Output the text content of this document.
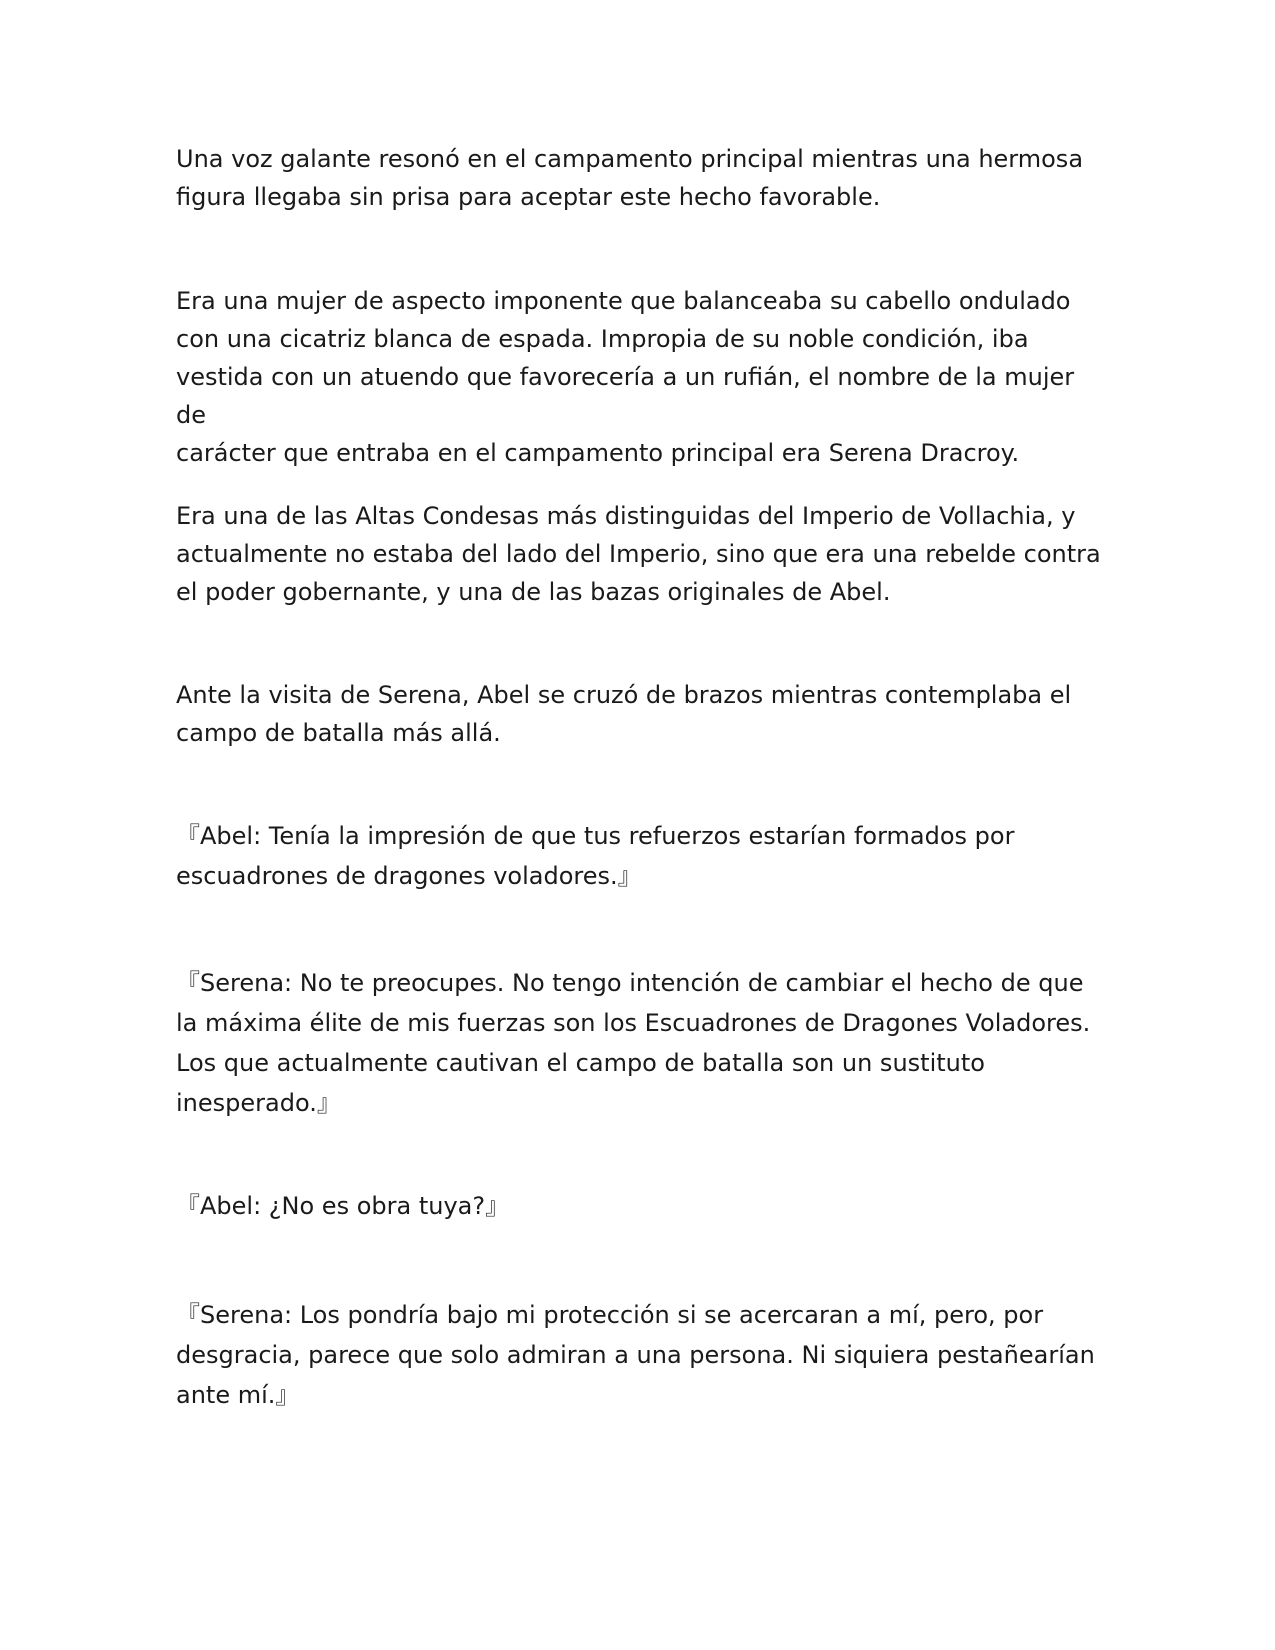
Una voz galante resonó en el campamento principal mientras una hermosa
figura llegaba sin prisa para aceptar este hecho favorable.

Era una mujer de aspecto imponente que balanceaba su cabello ondulado
con una cicatriz blanca de espada. Impropia de su noble condición, iba
vestida con un atuendo que favorecería a un rufián, el nombre de la mujer de
carácter que entraba en el campamento principal era Serena Dracroy.

Era una de las Altas Condesas más distinguidas del Imperio de Vollachia, y
actualmente no estaba del lado del Imperio, sino que era una rebelde contra
el poder gobernante, y una de las bazas originales de Abel.

Ante la visita de Serena, Abel se cruzó de brazos mientras contemplaba el
campo de batalla más allá.

『Abel: Tenía la impresión de que tus refuerzos estarían formados por
escuadrones de dragones voladores.』

『Serena: No te preocupes. No tengo intención de cambiar el hecho de que
la máxima élite de mis fuerzas son los Escuadrones de Dragones Voladores.
Los que actualmente cautivan el campo de batalla son un sustituto
inesperado.』

『Abel: ¿No es obra tuya?』

『Serena: Los pondría bajo mi protección si se acercaran a mí, pero, por
desgracia, parece que solo admiran a una persona. Ni siquiera pestañearían
ante mí.』
